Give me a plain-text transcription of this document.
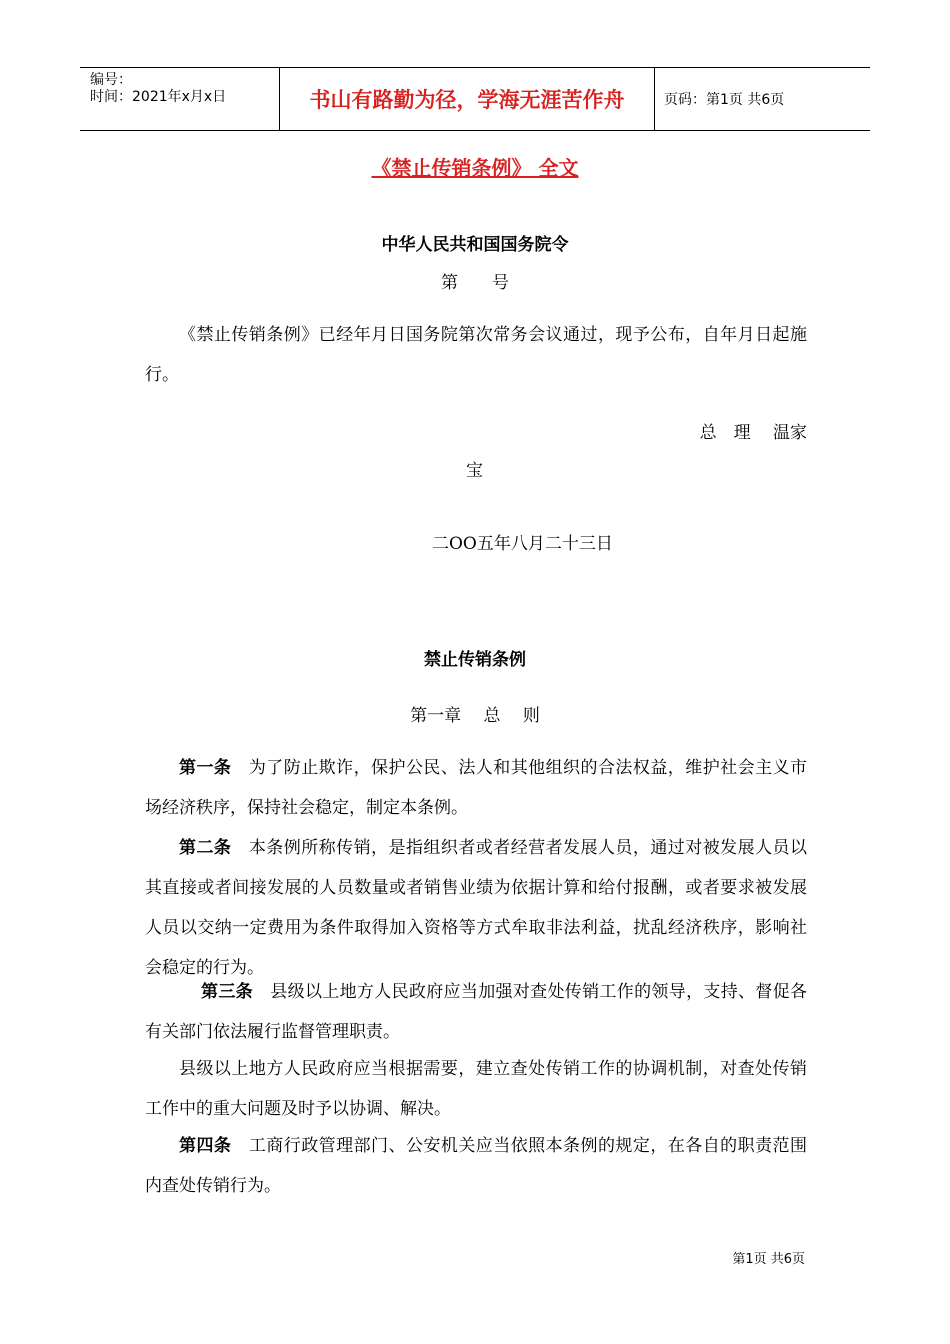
编号：
时间：2021年x月x日	书山有路勤为径，学海无涯苦作舟	页码：第1页 共6页
《禁止传销条例》 全文
中华人民共和国国务院令
第　　号
《禁止传销条例》已经年月日国务院第次常务会议通过，现予公布，自年月日起施行。
总　理　 温家
宝
二OO五年八月二十三日
禁止传销条例
第一章　 总　 则
第一条　为了防止欺诈，保护公民、法人和其他组织的合法权益，维护社会主义市场经济秩序，保持社会稳定，制定本条例。
第二条　本条例所称传销，是指组织者或者经营者发展人员，通过对被发展人员以其直接或者间接发展的人员数量或者销售业绩为依据计算和给付报酬，或者要求被发展人员以交纳一定费用为条件取得加入资格等方式牟取非法利益，扰乱经济秩序，影响社会稳定的行为。
第三条　县级以上地方人民政府应当加强对查处传销工作的领导，支持、督促各有关部门依法履行监督管理职责。
县级以上地方人民政府应当根据需要，建立查处传销工作的协调机制，对查处传销工作中的重大问题及时予以协调、解决。
第四条　工商行政管理部门、公安机关应当依照本条例的规定，在各自的职责范围内查处传销行为。
第1页 共6页
